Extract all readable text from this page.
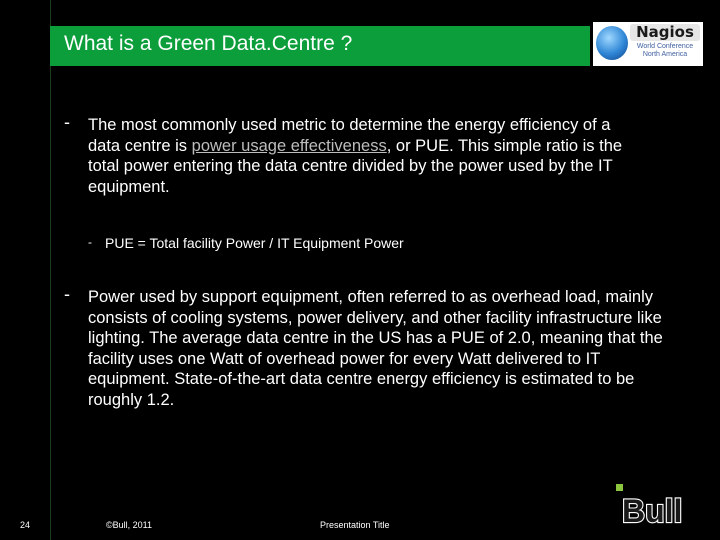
What is a Green Data.Centre ?	Nagios
World Conference
North America
- The most commonly used metric to determine the energy efficiency of a data centre is power usage effectiveness, or PUE. This simple ratio is the total power entering the data centre divided by the power used by the IT equipment.
- PUE = Total facility Power / IT Equipment Power
- Power used by support equipment, often referred to as overhead load, mainly consists of cooling systems, power delivery, and other facility infrastructure like lighting. The average data centre in the US has a PUE of 2.0, meaning that the facility uses one Watt of overhead power for every Watt delivered to IT equipment. State-of-the-art data centre energy efficiency is estimated to be roughly 1.2.
Bull
24	©Bull, 2011	Presentation Title
